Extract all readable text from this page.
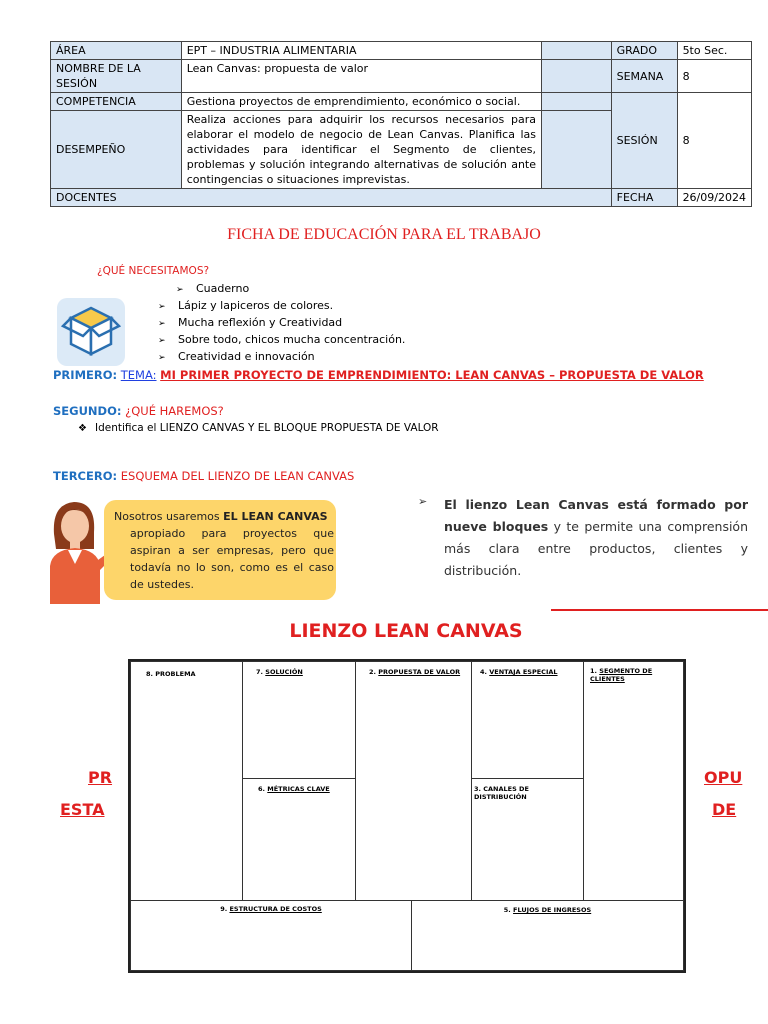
ÁREA	EPT – INDUSTRIA ALIMENTARIA		GRADO	5to Sec.
NOMBRE DE LA SESIÓN	Lean Canvas: propuesta de valor		SEMANA	8
COMPETENCIA	Gestiona proyectos de emprendimiento, económico o social.		SESIÓN	8
DESEMPEÑO	Realiza acciones para adquirir los recursos necesarios para elaborar el modelo de negocio de Lean Canvas. Planifica las actividades para identificar el Segmento de clientes, problemas y solución integrando alternativas de solución ante contingencias o situaciones imprevistas.			
DOCENTES			FECHA	26/09/2024
FICHA DE EDUCACIÓN PARA EL TRABAJO
¿QUÉ NECESITAMOS?
➢ Cuaderno
➢ Lápiz y lapiceros de colores.
➢ Mucha reflexión y Creatividad
➢ Sobre todo, chicos mucha concentración.
➢ Creatividad e innovación
PRIMERO: TEMA: MI PRIMER PROYECTO DE EMPRENDIMIENTO: LEAN CANVAS – PROPUESTA DE VALOR
SEGUNDO: ¿QUÉ HAREMOS?
❖ Identifica el LIENZO CANVAS Y EL BLOQUE PROPUESTA DE VALOR
TERCERO: ESQUEMA DEL LIENZO DE LEAN CANVAS
Nosotros usaremos EL LEAN CANVAS
apropiado para proyectos que aspiran a ser empresas, pero que todavía no lo son, como es el caso de ustedes.
➢ El lienzo Lean Canvas está formado por nueve bloques y te permite una comprensión más clara entre productos, clientes y distribución.
LIENZO LEAN CANVAS
PR
ESTA
OPU
DE
8. PROBLEMA	7. SOLUCIÓN
6. MÉTRICAS CLAVE
2. PROPUESTA DE VALOR	4. VENTAJA ESPECIAL
3. CANALES DE DISTRIBUCIÓN
1. SEGMENTO DE CLIENTES
9. ESTRUCTURA DE COSTOS	5. FLUJOS DE INGRESOS
